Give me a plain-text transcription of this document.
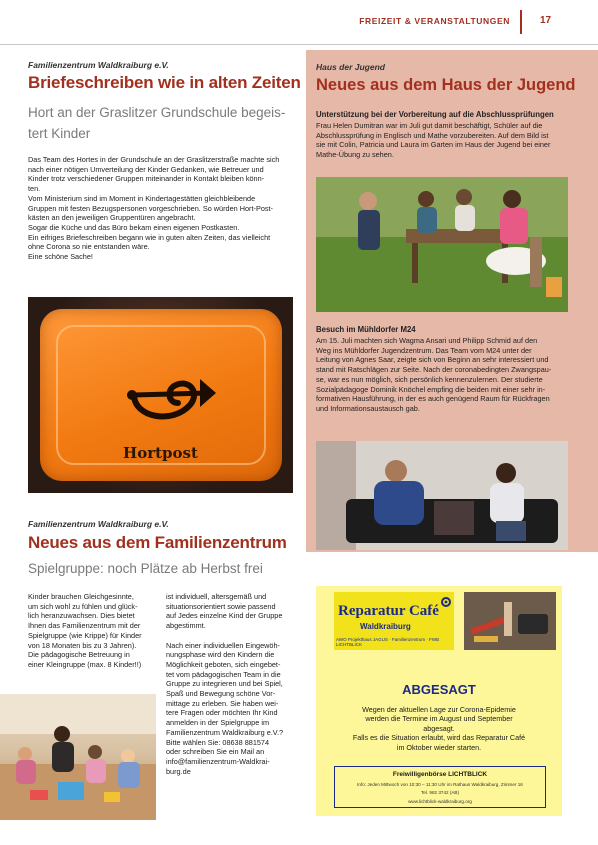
FREIZEIT & VERANSTALTUNGEN	17
Familienzentrum Waldkraiburg e.V.
Briefeschreiben wie in alten Zeiten
Hort an der Graslitzer Grundschule begeis-
tert Kinder

Das Team des Hortes in der Grundschule an der Graslitzerstraße machte sich

nach einer nötigen Umverteilung der Kinder Gedanken, wie Betreuer und

Kinder trotz verschiedener Gruppen miteinander in Kontakt bleiben könn-

ten.

Vom Ministerium sind im Moment in Kindertagestätten gleichbleibende

Gruppen mit festen Bezugspersonen vorgeschrieben. So würden Hort-Post-

kästen an den jeweiligen Gruppentüren angebracht.

Sogar die Küche und das Büro bekam einen eigenen Postkasten.

Ein eifriges Briefeschreiben begann wie in guten alten Zeiten, das vielleicht

ohne Corona so nie entstanden wäre.

Eine schöne Sache!

Hortpost
Familienzentrum Waldkraiburg e.V.
Neues aus dem Familienzentrum
Spielgruppe: noch Plätze ab Herbst frei

Kinder brauchen Gleichgesinnte,

um sich wohl zu fühlen und glück-

lich heranzuwachsen. Dies bietet

Ihnen das Familienzentrum mit der

Spielgruppe (wie Krippe) für Kinder

von 18 Monaten bis zu 3 Jahren).

Die pädagogische Betreuung in

einer Kleingruppe (max. 8 Kinder!!)

ist individuell, altersgemäß und

situationsorientiert sowie passend

auf Jedes einzelne Kind der Gruppe

abgestimmt.

Nach einer individuellen Eingewöh-

nungsphase wird den Kindern die

Möglichkeit geboten, sich eingebet-

tet vom pädagogischen Team in die

Gruppe zu integrieren und bei Spiel,

Spaß und Bewegung schöne Vor-

mittage zu erleben. Sie haben wei-

tere Fragen oder möchten Ihr Kind

anmelden in der Spielgruppe im

Familienzentrum Waldkraiburg e.V.?

Bitte wählen Sie: 08638 881574

oder schreiben Sie ein Mail an

info@familienzentrum-Waldkrai-

burg.de

Haus der Jugend
Neues aus dem Haus der Jugend
Unterstützung bei der Vorbereitung auf die Abschlussprüfungen

Frau Helen Dumitran war im Juli gut damit beschäftigt, Schüler auf die

Abschlussprüfung in Englisch und Mathe vorzubereiten. Auf dem Bild ist

sie mit Colin, Patricia und Laura im Garten im Haus der Jugend bei einer

Mathe-Übung zu sehen.

Besuch im Mühldorfer M24

Am 15. Juli machten sich Wagma Ansari und Philipp Schmid auf den

Weg ins Mühldorfer Jugendzentrum. Das Team vom M24 unter der

Leitung von Agnes Saar, zeigte sich von Beginn an sehr interessiert und

stand mit Ratschlägen zur Seite. Nach der coronabedingten Zwangspau-

se, war es nun möglich, sich persönlich kennenzulernen. Der studierte

Sozialpädagoge Dominik Knöchel empfing die beiden mit einer sehr in-

formativen Hausführung, in der es auch genügend Raum für Rückfragen

und Informationsaustausch gab.

Reparatur Café
Waldkraiburg
AWO Projekthaus JAGUS · Familienzentrum · FWB LICHTBLICK
ABGESAGT

Wegen der aktuellen Lage zur Corona-Epidemie

werden die Termine im August und September

abgesagt.

Falls es die Situation erlaubt, wird das Reparatur Café

im Oktober wieder starten.

Freiwilligenbörse LICHTBLICK
Info: Jeden Mittwoch von 10:30 – 11:30 Uhr im Rathaus Waldkraiburg, Zimmer 16
Tel. 982 3742 (AB)
www.lichtblick-waldkraiburg.org
